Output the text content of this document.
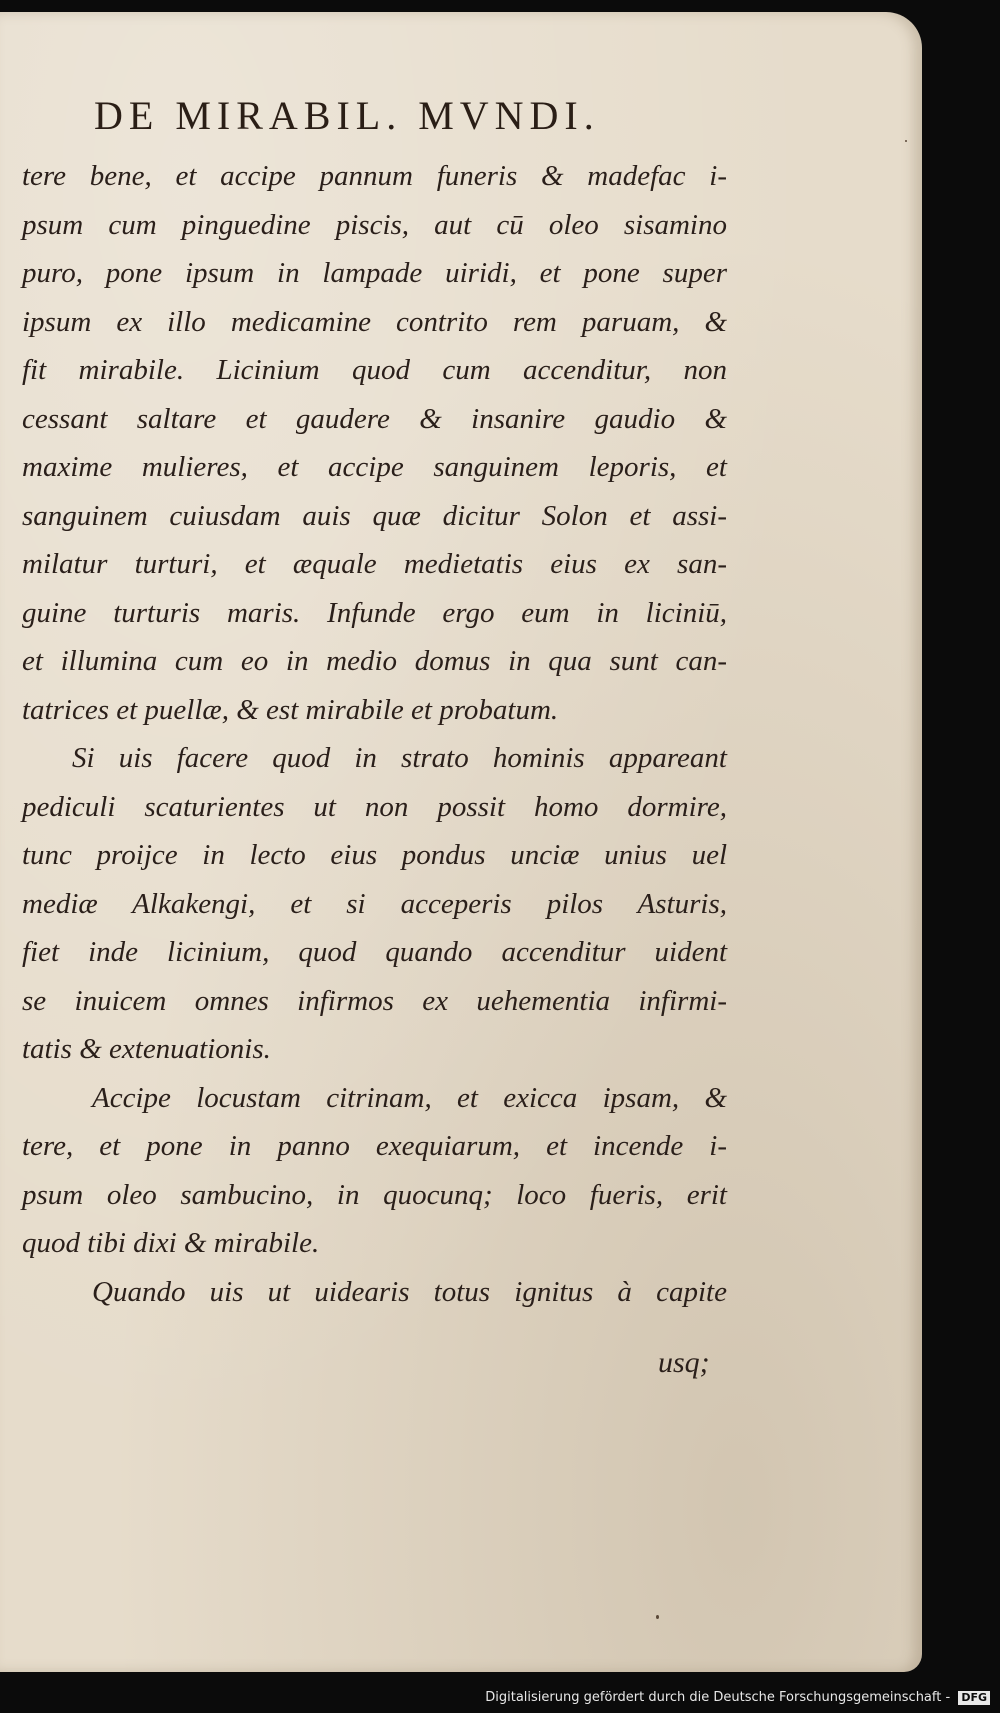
DE MIRABIL. MVNDI.
tere bene, et accipe pannum funeris & madefac i-
psum cum pinguedine piscis, aut cū oleo sisamino
puro, pone ipsum in lampade uiridi, et pone super
ipsum ex illo medicamine contrito rem paruam, &
fit mirabile. Licinium quod cum accenditur, non
cessant saltare et gaudere & insanire gaudio &
maxime mulieres, et accipe sanguinem leporis, et
sanguinem cuiusdam auis quæ dicitur Solon et assi-
milatur turturi, et æquale medietatis eius ex san-
guine turturis maris. Infunde ergo eum in liciniū,
et illumina cum eo in medio domus in qua sunt can-
tatrices et puellæ, & est mirabile et probatum.
Si uis facere quod in strato hominis appareant
pediculi scaturientes ut non possit homo dormire,
tunc proijce in lecto eius pondus unciæ unius uel
mediæ Alkakengi, et si acceperis pilos Asturis,
fiet inde licinium, quod quando accenditur uident
se inuicem omnes infirmos ex uehementia infirmi-
tatis & extenuationis.
Accipe locustam citrinam, et exicca ipsam, &
tere, et pone in panno exequiarum, et incende i-
psum oleo sambucino, in quocunq; loco fueris, erit
quod tibi dixi & mirabile.
Quando uis ut uidearis totus ignitus à capite
usq;
Digitalisierung gefördert durch die Deutsche Forschungsgemeinschaft - DFG
